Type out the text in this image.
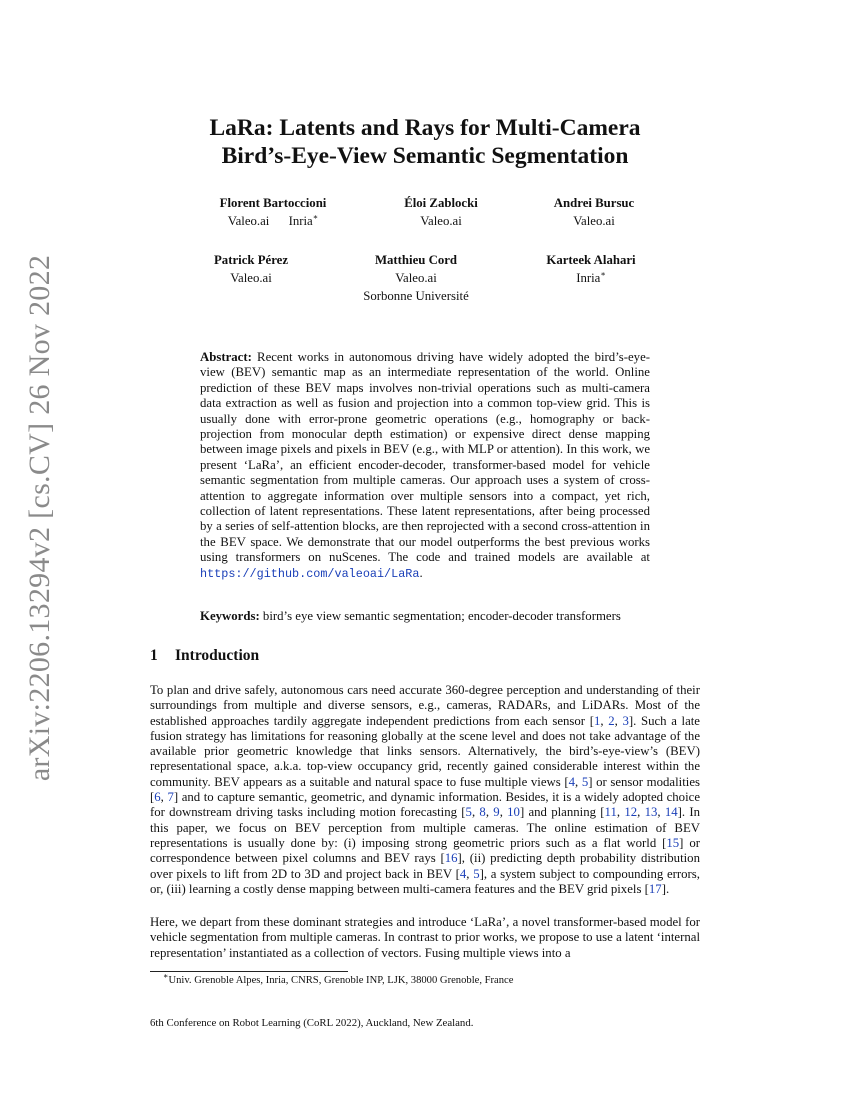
arXiv:2206.13294v2 [cs.CV] 26 Nov 2022
LaRa: Latents and Rays for Multi-Camera
Bird’s-Eye-View Semantic Segmentation
Florent Bartoccioni
Valeo.ai Inria∗
Éloi Zablocki
Valeo.ai
Andrei Bursuc
Valeo.ai
Patrick Pérez
Valeo.ai
Matthieu Cord
Valeo.ai
Sorbonne Université
Karteek Alahari
Inria∗
Abstract: Recent works in autonomous driving have widely adopted the bird’s-eye-view (BEV) semantic map as an intermediate representation of the world. Online prediction of these BEV maps involves non-trivial operations such as multi-camera data extraction as well as fusion and projection into a common top-view grid. This is usually done with error-prone geometric operations (e.g., homography or back-projection from monocular depth estimation) or expensive direct dense mapping between image pixels and pixels in BEV (e.g., with MLP or attention). In this work, we present ‘LaRa’, an efficient encoder-decoder, transformer-based model for vehicle semantic segmentation from multiple cameras. Our approach uses a system of cross-attention to aggregate information over multiple sensors into a compact, yet rich, collection of latent representations. These latent representations, after being processed by a series of self-attention blocks, are then reprojected with a second cross-attention in the BEV space. We demonstrate that our model outperforms the best previous works using transformers on nuScenes. The code and trained models are available at https://github.com/valeoai/LaRa.
Keywords: bird’s eye view semantic segmentation; encoder-decoder transformers
1 Introduction
To plan and drive safely, autonomous cars need accurate 360-degree perception and understanding of their surroundings from multiple and diverse sensors, e.g., cameras, RADARs, and LiDARs. Most of the established approaches tardily aggregate independent predictions from each sensor [1, 2, 3]. Such a late fusion strategy has limitations for reasoning globally at the scene level and does not take advantage of the available prior geometric knowledge that links sensors. Alternatively, the bird’s-eye-view’s (BEV) representational space, a.k.a. top-view occupancy grid, recently gained considerable interest within the community. BEV appears as a suitable and natural space to fuse multiple views [4, 5] or sensor modalities [6, 7] and to capture semantic, geometric, and dynamic information. Besides, it is a widely adopted choice for downstream driving tasks including motion forecasting [5, 8, 9, 10] and planning [11, 12, 13, 14]. In this paper, we focus on BEV perception from multiple cameras. The online estimation of BEV representations is usually done by: (i) imposing strong geometric priors such as a flat world [15] or correspondence between pixel columns and BEV rays [16], (ii) predicting depth probability distribution over pixels to lift from 2D to 3D and project back in BEV [4, 5], a system subject to compounding errors, or, (iii) learning a costly dense mapping between multi-camera features and the BEV grid pixels [17].
Here, we depart from these dominant strategies and introduce ‘LaRa’, a novel transformer-based model for vehicle segmentation from multiple cameras. In contrast to prior works, we propose to use a latent ‘internal representation’ instantiated as a collection of vectors. Fusing multiple views into a
∗Univ. Grenoble Alpes, Inria, CNRS, Grenoble INP, LJK, 38000 Grenoble, France
6th Conference on Robot Learning (CoRL 2022), Auckland, New Zealand.
